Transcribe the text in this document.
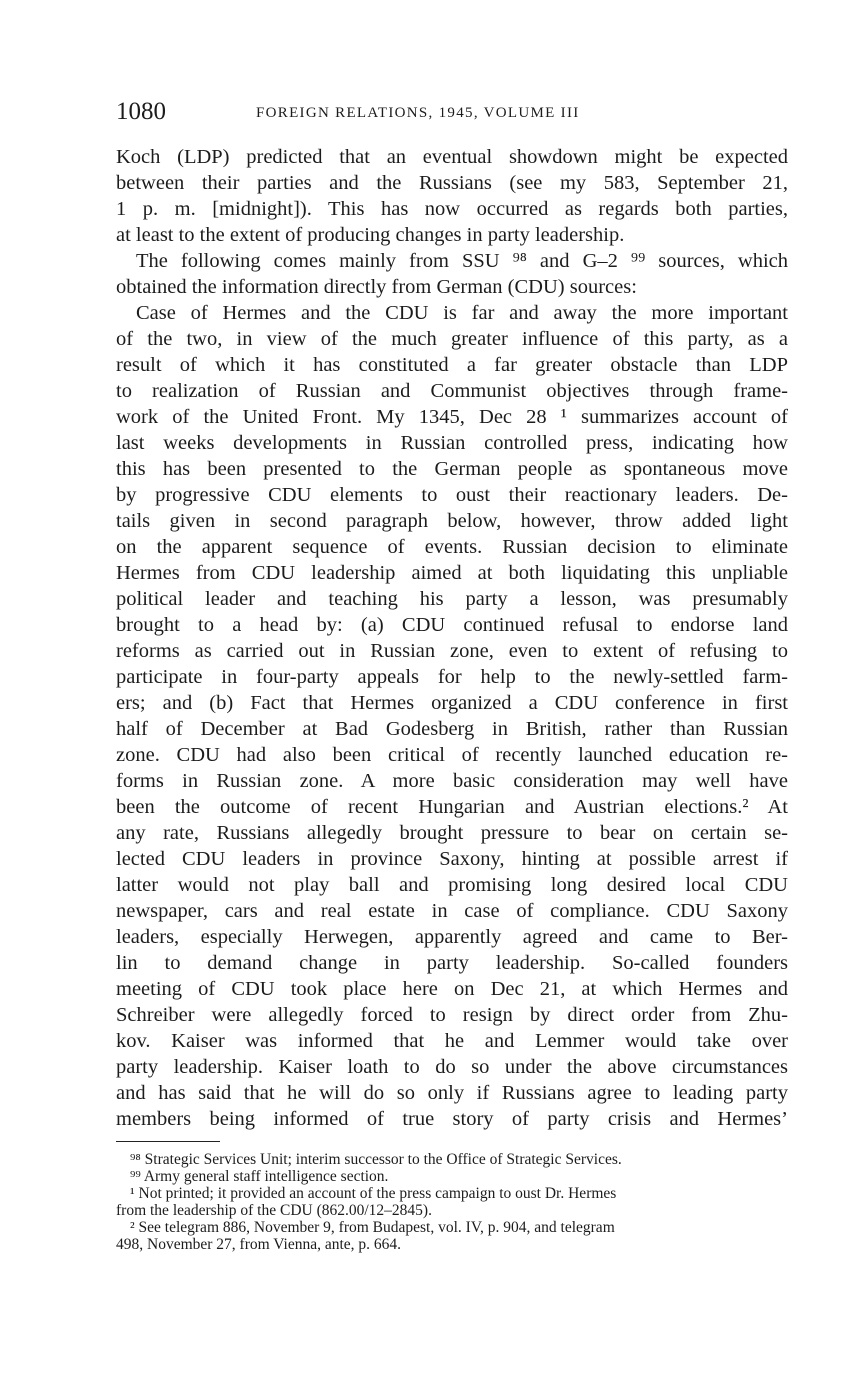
1080	FOREIGN RELATIONS, 1945, VOLUME III
Koch (LDP) predicted that an eventual showdown might be expected
between their parties and the Russians (see my 583, September 21,
1 p. m. [midnight]). This has now occurred as regards both parties,
at least to the extent of producing changes in party leadership.
The following comes mainly from SSU ⁹⁸ and G–2 ⁹⁹ sources, which
obtained the information directly from German (CDU) sources:
Case of Hermes and the CDU is far and away the more important
of the two, in view of the much greater influence of this party, as a
result of which it has constituted a far greater obstacle than LDP
to realization of Russian and Communist objectives through frame-
work of the United Front. My 1345, Dec 28 ¹ summarizes account of
last weeks developments in Russian controlled press, indicating how
this has been presented to the German people as spontaneous move
by progressive CDU elements to oust their reactionary leaders. De-
tails given in second paragraph below, however, throw added light
on the apparent sequence of events. Russian decision to eliminate
Hermes from CDU leadership aimed at both liquidating this unpliable
political leader and teaching his party a lesson, was presumably
brought to a head by: (a) CDU continued refusal to endorse land
reforms as carried out in Russian zone, even to extent of refusing to
participate in four-party appeals for help to the newly-settled farm-
ers; and (b) Fact that Hermes organized a CDU conference in first
half of December at Bad Godesberg in British, rather than Russian
zone. CDU had also been critical of recently launched education re-
forms in Russian zone. A more basic consideration may well have
been the outcome of recent Hungarian and Austrian elections.² At
any rate, Russians allegedly brought pressure to bear on certain se-
lected CDU leaders in province Saxony, hinting at possible arrest if
latter would not play ball and promising long desired local CDU
newspaper, cars and real estate in case of compliance. CDU Saxony
leaders, especially Herwegen, apparently agreed and came to Ber-
lin to demand change in party leadership. So-called founders
meeting of CDU took place here on Dec 21, at which Hermes and
Schreiber were allegedly forced to resign by direct order from Zhu-
kov. Kaiser was informed that he and Lemmer would take over
party leadership. Kaiser loath to do so under the above circumstances
and has said that he will do so only if Russians agree to leading party
members being informed of true story of party crisis and Hermes’
⁹⁸ Strategic Services Unit; interim successor to the Office of Strategic Services.
⁹⁹ Army general staff intelligence section.
¹ Not printed; it provided an account of the press campaign to oust Dr. Hermes
from the leadership of the CDU (862.00/12–2845).
² See telegram 886, November 9, from Budapest, vol. IV, p. 904, and telegram
498, November 27, from Vienna, ante, p. 664.
